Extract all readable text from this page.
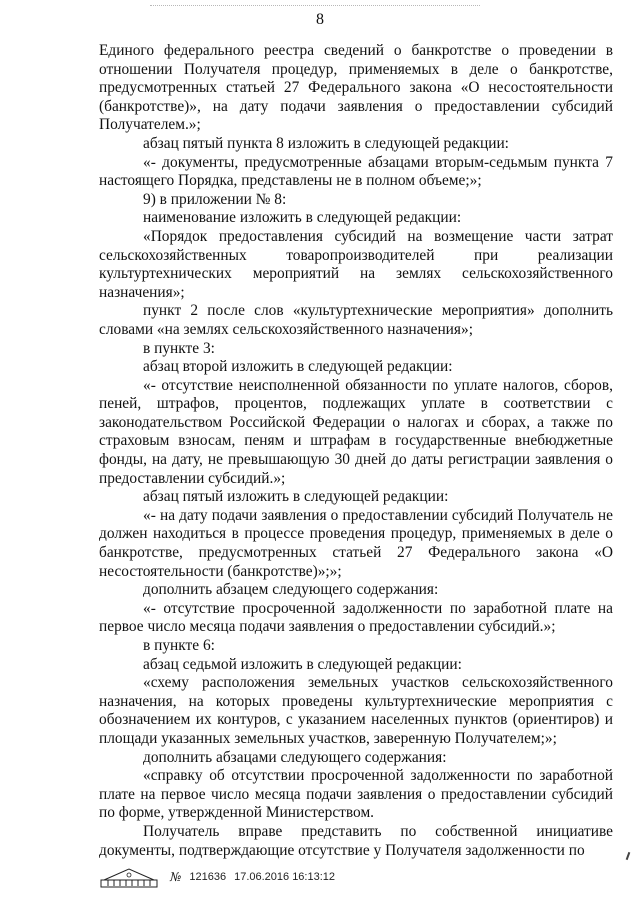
8

Единого федерального реестра сведений о банкротстве о проведении в отношении Получателя процедур, применяемых в деле о банкротстве, предусмотренных статьей 27 Федерального закона «О несостоятельности (банкротстве)», на дату подачи заявления о предоставлении субсидий Получателем.»;

абзац пятый пункта 8 изложить в следующей редакции:

«- документы, предусмотренные абзацами вторым-седьмым пункта 7 настоящего Порядка, представлены не в полном объеме;»;

9) в приложении № 8:

наименование изложить в следующей редакции:

«Порядок предоставления субсидий на возмещение части затрат сельскохозяйственных товаропроизводителей при реализации культуртехнических мероприятий на землях сельскохозяйственного назначения»;

пункт 2 после слов «культуртехнические мероприятия» дополнить словами «на землях сельскохозяйственного назначения»;

в пункте 3:

абзац второй изложить в следующей редакции:

«- отсутствие неисполненной обязанности по уплате налогов, сборов, пеней, штрафов, процентов, подлежащих уплате в соответствии с законодательством Российской Федерации о налогах и сборах, а также по страховым взносам, пеням и штрафам в государственные внебюджетные фонды, на дату, не превышающую 30 дней до даты регистрации заявления о предоставлении субсидий.»;

абзац пятый изложить в следующей редакции:

«- на дату подачи заявления о предоставлении субсидий Получатель не должен находиться в процессе проведения процедур, применяемых в деле о банкротстве, предусмотренных статьей 27 Федерального закона «О несостоятельности (банкротстве)»;»;

дополнить абзацем следующего содержания:

«- отсутствие просроченной задолженности по заработной плате на первое число месяца подачи заявления о предоставлении субсидий.»;

в пункте 6:

абзац седьмой изложить в следующей редакции:

«схему расположения земельных участков сельскохозяйственного назначения, на которых проведены культуртехнические мероприятия с обозначением их контуров, с указанием населенных пунктов (ориентиров) и площади указанных земельных участков, заверенную Получателем;»;

дополнить абзацами следующего содержания:

«справку об отсутствии просроченной задолженности по заработной плате на первое число месяца подачи заявления о предоставлении субсидий по форме, утвержденной Министерством.

Получатель вправе представить по собственной инициативе документы, подтверждающие отсутствие у Получателя задолженности по

№ 121636 17.06.2016 16:13:12
